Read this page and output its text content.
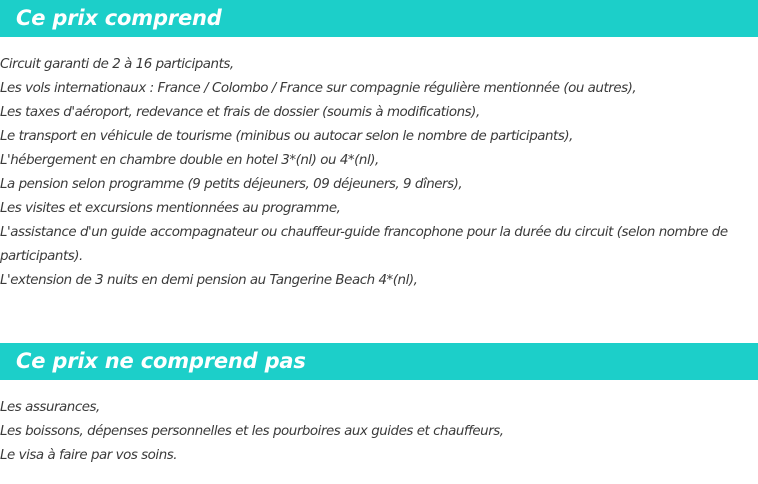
Ce prix comprend
Circuit garanti de 2 à 16 participants,
Les vols internationaux : France / Colombo / France sur compagnie régulière mentionnée (ou autres),
Les taxes d'aéroport, redevance et frais de dossier (soumis à modifications),
Le transport en véhicule de tourisme (minibus ou autocar selon le nombre de participants),
L'hébergement en chambre double en hotel 3*(nl) ou 4*(nl),
La pension selon programme (9 petits déjeuners, 09 déjeuners, 9 dîners),
Les visites et excursions mentionnées au programme,
L'assistance d'un guide accompagnateur ou chauffeur-guide francophone pour la durée du circuit (selon nombre de participants).
L'extension de 3 nuits en demi pension au Tangerine Beach 4*(nl),
Ce prix ne comprend pas
Les assurances,
Les boissons, dépenses personnelles et les pourboires aux guides et chauffeurs,
Le visa à faire par vos soins.
